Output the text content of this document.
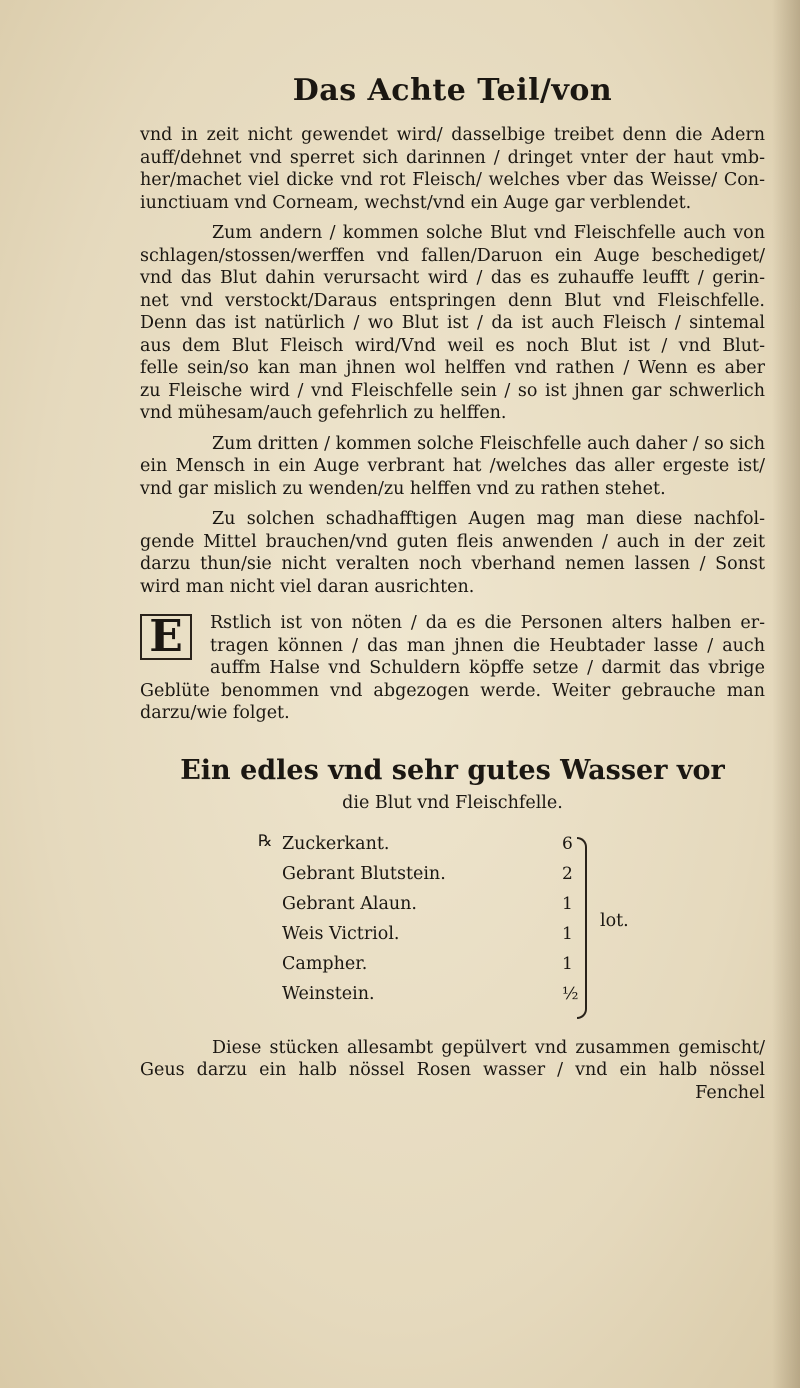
Das Achte Teil/von
vnd in zeit nicht gewendet wird/ dasselbige treibet denn die Adern
auff/dehnet vnd sperret sich darinnen / dringet vnter der haut vmb-
her/machet viel dicke vnd rot Fleisch/ welches vber das Weisse/ Con-
iunctiuam vnd Corneam, wechst/vnd ein Auge gar verblendet.
Zum andern / kommen solche Blut vnd Fleischfelle auch von
schlagen/stossen/werffen vnd fallen/Daruon ein Auge beschediget/
vnd das Blut dahin verursacht wird / das es zuhauffe leufft / gerin-
net vnd verstockt/Daraus entspringen denn Blut vnd Fleischfelle.
Denn das ist natürlich / wo Blut ist / da ist auch Fleisch / sintemal
aus dem Blut Fleisch wird/Vnd weil es noch Blut ist / vnd Blut-
felle sein/so kan man jhnen wol helffen vnd rathen / Wenn es aber
zu Fleische wird / vnd Fleischfelle sein / so ist jhnen gar schwerlich
vnd mühesam/auch gefehrlich zu helffen.
Zum dritten / kommen solche Fleischfelle auch daher / so sich
ein Mensch in ein Auge verbrant hat /welches das aller ergeste ist/
vnd gar mislich zu wenden/zu helffen vnd zu rathen stehet.
Zu solchen schadhafftigen Augen mag man diese nachfol-
gende Mittel brauchen/vnd guten fleis anwenden / auch in der zeit
darzu thun/sie nicht veralten noch vberhand nemen lassen / Sonst
wird man nicht viel daran ausrichten.
E	Rstlich ist von nöten / da es die Personen alters halben er-
tragen können / das man jhnen die Heubtader lasse / auch
auffm Halse vnd Schuldern köpffe setze / darmit das vbrige
Geblüte benommen vnd abgezogen werde. Weiter gebrauche man
darzu/wie folget.
Ein edles vnd sehr gutes Wasser vor
die Blut vnd Fleischfelle.
℞ Zuckerkant.	6
Gebrant Blutstein.	2
Gebrant Alaun.	1
Weis Victriol.	1
Campher.	1
Weinstein.	½
lot.
Diese stücken allesambt gepülvert vnd zusammen gemischt/
Geus darzu ein halb nössel Rosen wasser / vnd ein halb nössel
Fenchel
